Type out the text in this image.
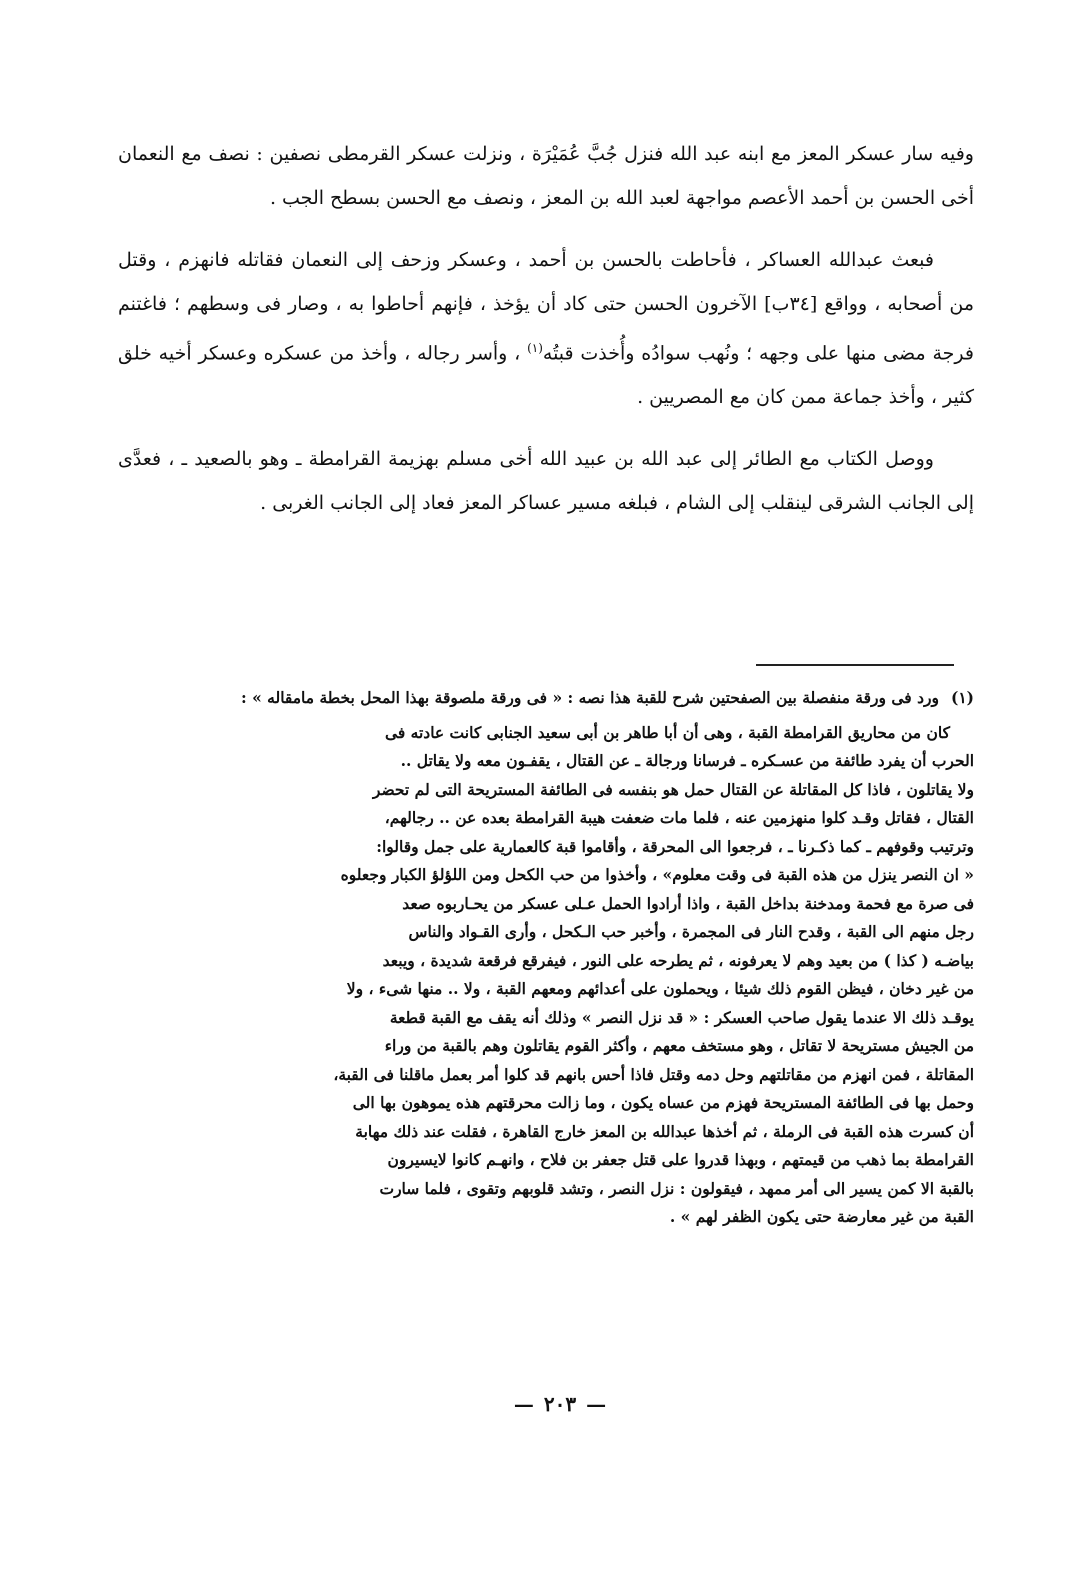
وفيه سار عسكر المعز مع ابنه عبد الله فنزل جُبَّ عُمَيْرَة ، ونزلت عسكر القرمطى نصفين : نصف مع النعمان أخى الحسن بن أحمد الأعصم مواجهة لعبد الله بن المعز ، ونصف مع الحسن بسطح الجب .

فبعث عبدالله العساكر ، فأحاطت بالحسن بن أحمد ، وعسكر وزحف إلى النعمان فقاتله فانهزم ، وقتل من أصحابه ، وواقع [٣٤ب] الآخرون الحسن حتى كاد أن يؤخذ ، فإنهم أحاطوا به ، وصار فى وسطهم ؛ فاغتنم فرجة مضى منها على وجهه ؛ ونُهب سوادُه وأُخذت قبتُه$^{(١)}$ ، وأسر رجاله ، وأخذ من عسكره وعسكر أخيه خلق كثير ، وأخذ جماعة ممن كان مع المصريين .

ووصل الكتاب مع الطائر إلى عبد الله بن عبيد الله أخى مسلم بهزيمة القرامطة ـ وهو بالصعيد ـ ، فعدَّى إلى الجانب الشرقى لينقلب إلى الشام ، فبلغه مسير عساكر المعز فعاد إلى الجانب الغربى .

(١)ورد فى ورقة منفصلة بين الصفحتين شرح للقبة هذا نصه : « فى ورقة ملصوقة بهذا المحل بخطة مامقاله » :

كان من محاريق القرامطة القبة ، وهى أن أبا طاهر بن أبى سعيد الجنابى كانت عادته فى

الحرب أن يفرد طائفة من عسـكره ـ فرسانا ورجالة ـ عن القتال ، يقفـون معه ولا يقاتل ..

ولا يقاتلون ، فاذا كل المقاتلة عن القتال حمل هو بنفسه فى الطائفة المستريحة التى لم تحضر

القتال ، فقاتل وقـد كلوا منهزمين عنه ، فلما مات ضعفت هيبة القرامطة بعده عن .. رجالهم،

وترتيب وقوفهم ـ كما ذكـرنا ـ ، فرجعوا الى المحرقة ، وأقاموا قبة كالعمارية على جمل وقالوا:

« ان النصر ينزل من هذه القبة فى وقت معلوم» ، وأخذوا من حب الكحل ومن اللؤلؤ الكبار وجعلوه

فى صرة مع فحمة ومدخنة بداخل القبة ، واذا أرادوا الحمل عـلى عسكر من يحـاربوه صعد

رجل منهم الى القبة ، وقدح النار فى المجمرة ، وأخبر حب الـكحل ، وأرى القـواد والناس

بياضـه ( كذا ) من بعيد وهم لا يعرفونه ، ثم يطرحه على النور ، فيفرقع فرقعة شديدة ، ويبعد

من غير دخان ، فيظن القوم ذلك شيئا ، ويحملون على أعدائهم ومعهم القبة ، ولا .. منها شىء ، ولا

يوقـد ذلك الا عندما يقول صاحب العسكر : « قد نزل النصر » وذلك أنه يقف مع القبة قطعة

من الجيش مستريحة لا تقاتل ، وهو مستخف معهم ، وأكثر القوم يقاتلون وهم بالقبة من وراء

المقاتلة ، فمن انهزم من مقاتلتهم وحل دمه وقتل فاذا أحس بانهم قد كلوا أمر بعمل ماقلنا فى القبة،

وحمل بها فى الطائفة المستريحة فهزم من عساه يكون ، وما زالت محرقتهم هذه يموهون بها الى

أن كسرت هذه القبة فى الرملة ، ثم أخذها عبدالله بن المعز خارج القاهرة ، فقلت عند ذلك مهابة

القرامطة بما ذهب من قيمتهم ، وبهذا قدروا على قتل جعفر بن فلاح ، وانهـم كانوا لايسيرون

بالقبة الا كمن يسير الى أمر ممهد ، فيقولون : نزل النصر ، وتشد قلوبهم وتقوى ، فلما سارت

القبة من غير معارضة حتى يكون الظفر لهم » .

—٢٠٣—
